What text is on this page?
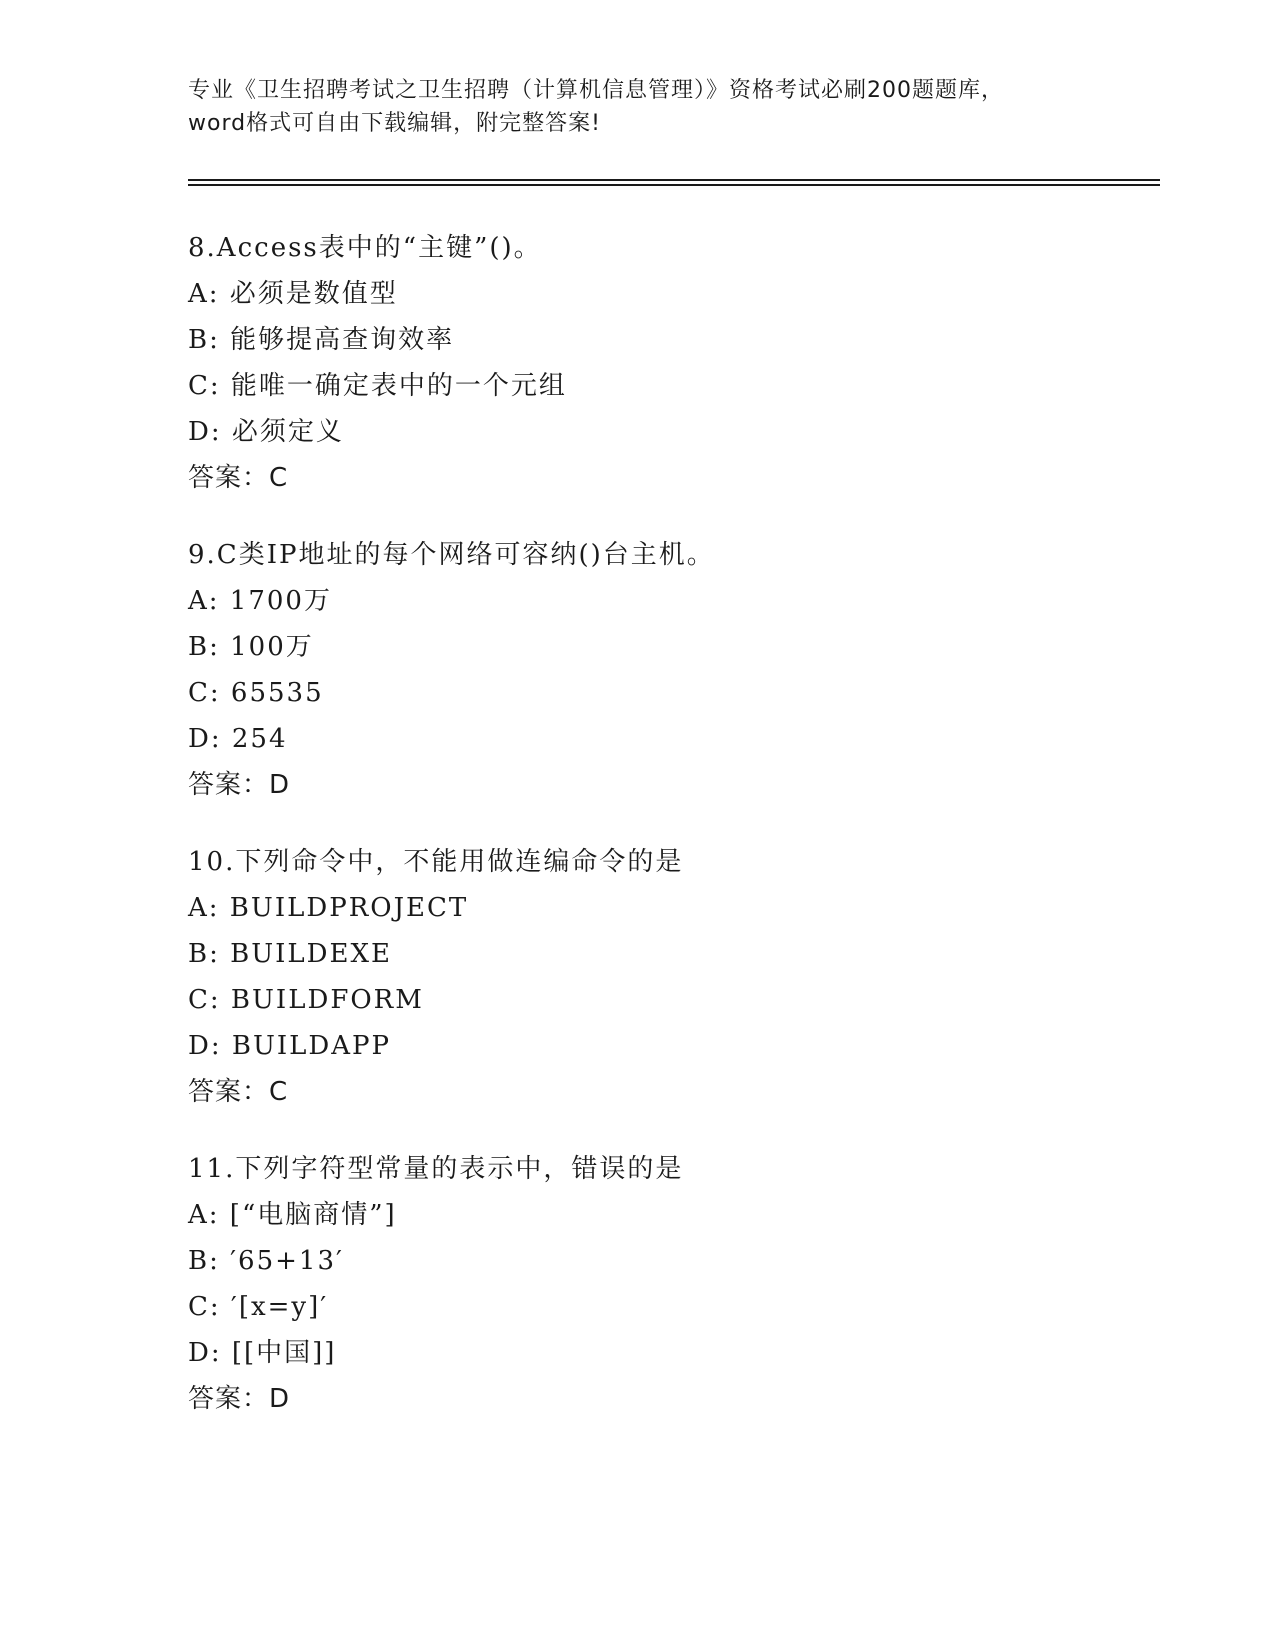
专业《卫生招聘考试之卫生招聘（计算机信息管理）》资格考试必刷200题题库，
word格式可自由下载编辑，附完整答案!
8.Access表中的“主键”()。
A: 必须是数值型
B: 能够提高查询效率
C: 能唯一确定表中的一个元组
D: 必须定义
答案：C
9.C类IP地址的每个网络可容纳()台主机。
A: 1700万
B: 100万
C: 65535
D: 254
答案：D
10.下列命令中，不能用做连编命令的是
A: BUILDPROJECT
B: BUILDEXE
C: BUILDFORM
D: BUILDAPP
答案：C
11.下列字符型常量的表示中，错误的是
A: [“电脑商情”]
B: ′65+13′
C: ′[x=y]′
D: [[中国]]
答案：D
